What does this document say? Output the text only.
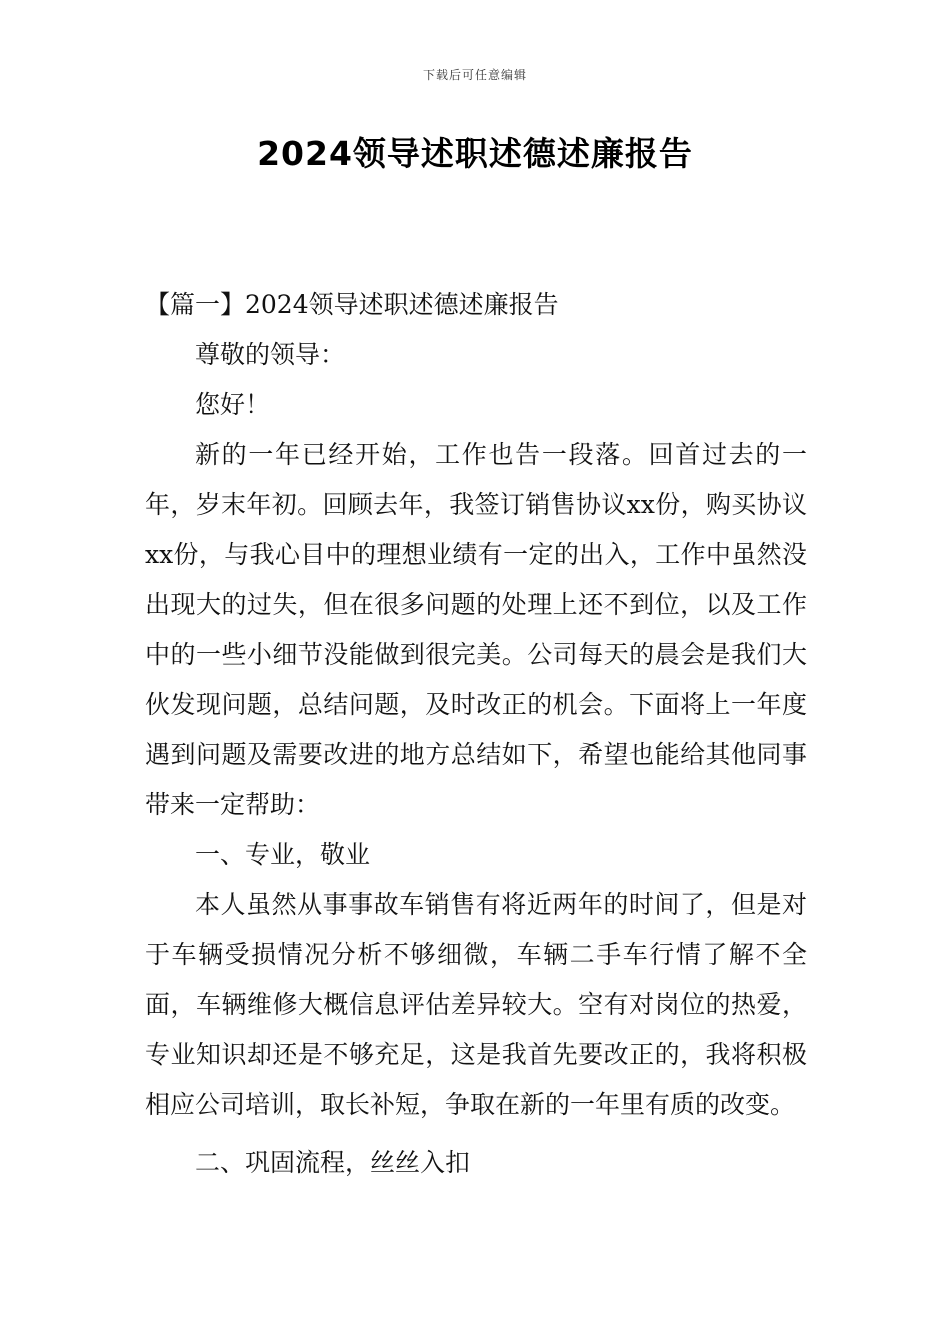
下载后可任意编辑
2024领导述职述德述廉报告

【篇一】2024领导述职述德述廉报告

尊敬的领导：

您好！

新的一年已经开始，工作也告一段落。回首过去的一年，岁末年初。回顾去年，我签订销售协议xx份，购买协议xx份，与我心目中的理想业绩有一定的出入，工作中虽然没出现大的过失，但在很多问题的处理上还不到位，以及工作中的一些小细节没能做到很完美。公司每天的晨会是我们大伙发现问题，总结问题，及时改正的机会。下面将上一年度遇到问题及需要改进的地方总结如下，希望也能给其他同事带来一定帮助：

一、专业，敬业

本人虽然从事事故车销售有将近两年的时间了，但是对于车辆受损情况分析不够细微，车辆二手车行情了解不全面，车辆维修大概信息评估差异较大。空有对岗位的热爱，专业知识却还是不够充足，这是我首先要改正的，我将积极相应公司培训，取长补短，争取在新的一年里有质的改变。

二、巩固流程，丝丝入扣
